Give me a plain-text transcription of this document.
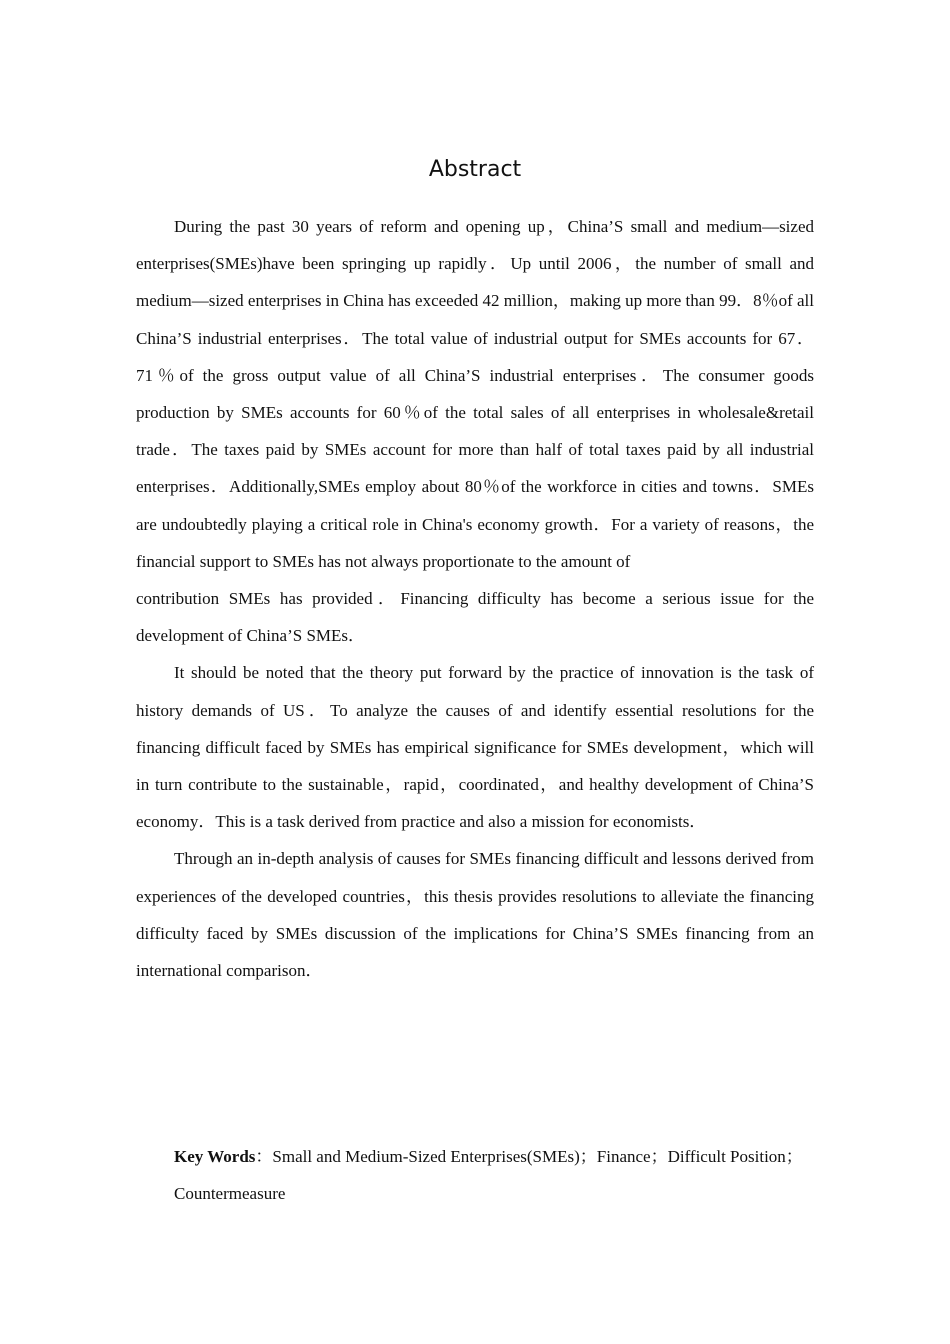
Abstract

During the past 30 years of reform and opening up，China’S small and medium—sized enterprises(SMEs)have been springing up rapidly．Up until 2006，the number of small and medium—sized enterprises in China has exceeded 42 million，making up more than 99．8％of all China’S industrial enterprises．The total value of industrial output for SMEs accounts for 67．71％of the gross output value of all China’S industrial enterprises．The consumer goods production by SMEs accounts for 60％of the total sales of all enterprises in wholesale&retail trade．The taxes paid by SMEs account for more than half of total taxes paid by all industrial enterprises．Additionally,SMEs employ about 80％of the workforce in cities and towns．SMEs are undoubtedly playing a critical role in China's economy growth．For a variety of reasons，the financial support to SMEs has not always proportionate to the amount of

contribution SMEs has provided．Financing difficulty has become a serious issue for the development of China’S SMEs．

It should be noted that the theory put forward by the practice of innovation is the task of history demands of US．To analyze the causes of and identify essential resolutions for the financing difficult faced by SMEs has empirical significance for SMEs development，which will in turn contribute to the sustainable，rapid，coordinated，and healthy development of China’S economy．This is a task derived from practice and also a mission for economists．

Through an in-depth analysis of causes for SMEs financing difficult and lessons derived from experiences of the developed countries，this thesis provides resolutions to alleviate the financing difficulty faced by SMEs discussion of the implications for China’S SMEs financing from an international comparison．

Key Words：Small and Medium-Sized Enterprises(SMEs)；Finance；Difficult Position；Countermeasure
